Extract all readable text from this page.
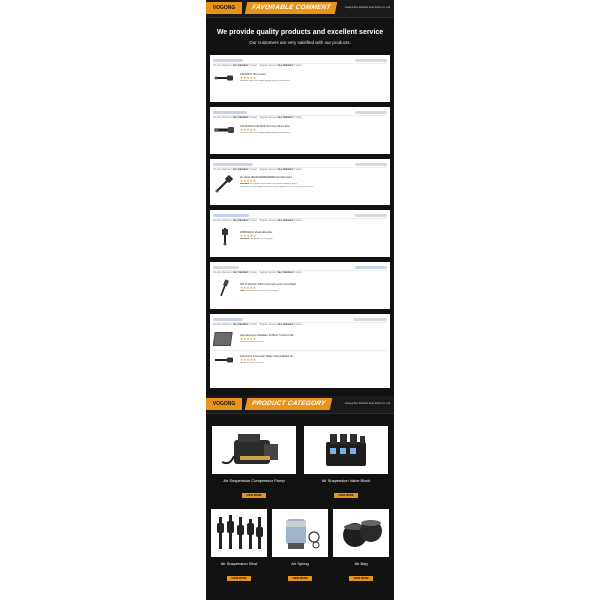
VOGONG	FAVORABLE COMMENT	Guangzhou Weibian Auto Parts Co.,Ltd
We provide quality products and excellent service
Our customers are very satisfied with our products.
On-time Shipment: Very Satisfied (5 stars) Supplier Service: Very Satisfied (5 stars)
A2F39270 strut mount
★★★★★
excellent seller fast shipping good quality trusted parts
On-time Shipment: Very Satisfied (5 stars) Supplier Service: Very Satisfied (5 stars)
2213204513 2213204713 Front Shock Abs...
★★★★★
excellent seller fast shipping good quality trusted parts
On-time Shipment: Very Satisfied (5 stars) Supplier Service: Very Satisfied (5 stars)
air shock 2E2323ID2820AB06 front left and ri...
★★★★★
Excellent the supplier very helpful the product quality is good
In general, the total good experience with supplier thank's for your good service
On-time Shipment: Very Satisfied (5 stars) Supplier Service: Very Satisfied (5 stars)
W639 E0C1 shock absorber
★★★★★
Excellent The product is very good
On-time Shipment: Very Satisfied (5 stars) Supplier Service: Very Satisfied (5 stars)
204 S Shocker 300C Front left Lexus Front Right
★★★★★
LIKE It had mainly product - fast shipping
On-time Shipment: Very Satisfied (5 stars) Supplier Service: Very Satisfied (5 stars)
Auto Aluminum Radiator for Benz S Series W2...
★★★★★
Arrived in perfect condition
Aluminium Intercooler Water Tank Radiator for...
★★★★★
Arrived in perfect condition
VOGONG	PRODUCT CATEGORY	Guangzhou Weibian Auto Parts Co.,Ltd
Air Suspension Compressor Pump
VIEW MORE
Air Suspension Valve Block
VIEW MORE
Air Suspension Strut
VIEW MORE
Air Spring
VIEW MORE
Air Bag
VIEW MORE
